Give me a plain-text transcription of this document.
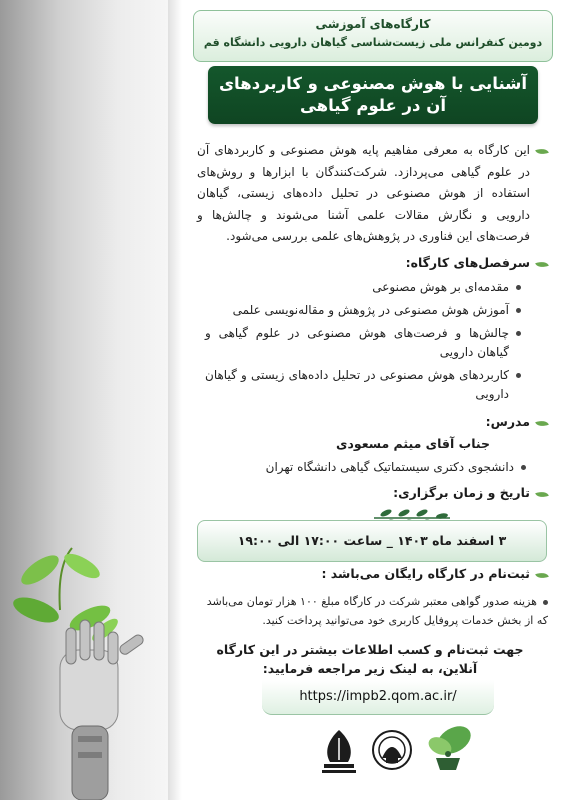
کارگاه‌های آموزشی
دومین کنفرانس ملی زیست‌شناسی گیاهان دارویی دانشگاه قم
آشنایی با هوش مصنوعی و کاربردهای
آن در علوم گیاهی
این کارگاه به معرفی مفاهیم پایه هوش مصنوعی و کاربردهای آن در علوم گیاهی می‌پردازد. شرکت‌کنندگان با ابزارها و روش‌های استفاده از هوش مصنوعی در تحلیل داده‌های زیستی، گیاهان دارویی و نگارش مقالات علمی آشنا می‌شوند و چالش‌ها و فرصت‌های این فناوری در پژوهش‌های علمی بررسی می‌شود.
سرفصل‌های کارگاه:
مقدمه‌ای بر هوش مصنوعی
آموزش هوش مصنوعی در پژوهش و مقاله‌نویسی علمی
چالش‌ها و فرصت‌های هوش مصنوعی در علوم گیاهی و گیاهان دارویی
کاربردهای هوش مصنوعی در تحلیل داده‌های زیستی و گیاهان دارویی
مدرس:
جناب آقای میثم مسعودی
دانشجوی دکتری سیستماتیک گیاهی دانشگاه تهران
تاریخ و زمان برگزاری:
۳ اسفند ماه ۱۴۰۳ _ ساعت ۱۷:۰۰ الی ۱۹:۰۰
ثبت‌نام در کارگاه رایگان می‌باشد :
هزینه صدور گواهی معتبر شرکت در کارگاه مبلغ ۱۰۰ هزار تومان می‌باشد که از بخش خدمات پروفایل کاربری خود می‌توانید پرداخت کنید.
جهت ثبت‌نام و کسب اطلاعات بیشتر در این کارگاه آنلاین، به لینک زیر مراجعه فرمایید:
https://impb2.qom.ac.ir/
